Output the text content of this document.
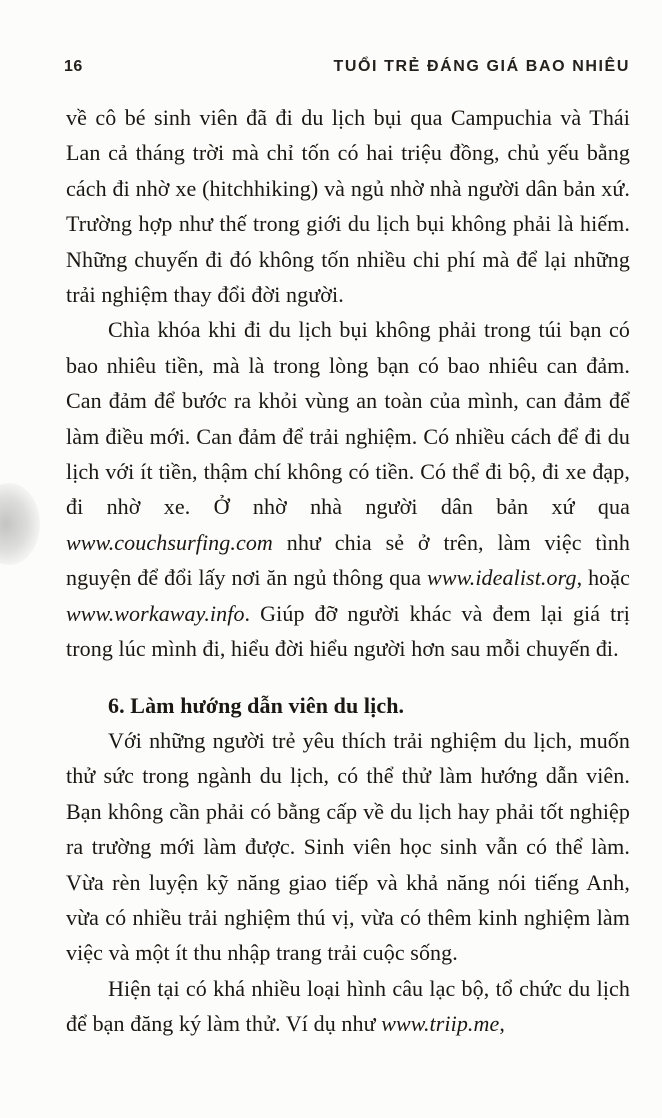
16	TUỔI TRẺ ĐÁNG GIÁ BAO NHIÊU

về cô bé sinh viên đã đi du lịch bụi qua Campuchia và Thái Lan cả tháng trời mà chỉ tốn có hai triệu đồng, chủ yếu bằng cách đi nhờ xe (hitchhiking) và ngủ nhờ nhà người dân bản xứ. Trường hợp như thế trong giới du lịch bụi không phải là hiếm. Những chuyến đi đó không tốn nhiều chi phí mà để lại những trải nghiệm thay đổi đời người.

Chìa khóa khi đi du lịch bụi không phải trong túi bạn có bao nhiêu tiền, mà là trong lòng bạn có bao nhiêu can đảm. Can đảm để bước ra khỏi vùng an toàn của mình, can đảm để làm điều mới. Can đảm để trải nghiệm. Có nhiều cách để đi du lịch với ít tiền, thậm chí không có tiền. Có thể đi bộ, đi xe đạp, đi nhờ xe. Ở nhờ nhà người dân bản xứ qua www.couchsurfing.com như chia sẻ ở trên, làm việc tình nguyện để đổi lấy nơi ăn ngủ thông qua www.idealist.org, hoặc www.workaway.info. Giúp đỡ người khác và đem lại giá trị trong lúc mình đi, hiểu đời hiểu người hơn sau mỗi chuyến đi.

6. Làm hướng dẫn viên du lịch.

Với những người trẻ yêu thích trải nghiệm du lịch, muốn thử sức trong ngành du lịch, có thể thử làm hướng dẫn viên. Bạn không cần phải có bằng cấp về du lịch hay phải tốt nghiệp ra trường mới làm được. Sinh viên học sinh vẫn có thể làm. Vừa rèn luyện kỹ năng giao tiếp và khả năng nói tiếng Anh, vừa có nhiều trải nghiệm thú vị, vừa có thêm kinh nghiệm làm việc và một ít thu nhập trang trải cuộc sống.

Hiện tại có khá nhiều loại hình câu lạc bộ, tổ chức du lịch để bạn đăng ký làm thử. Ví dụ như www.triip.me,
